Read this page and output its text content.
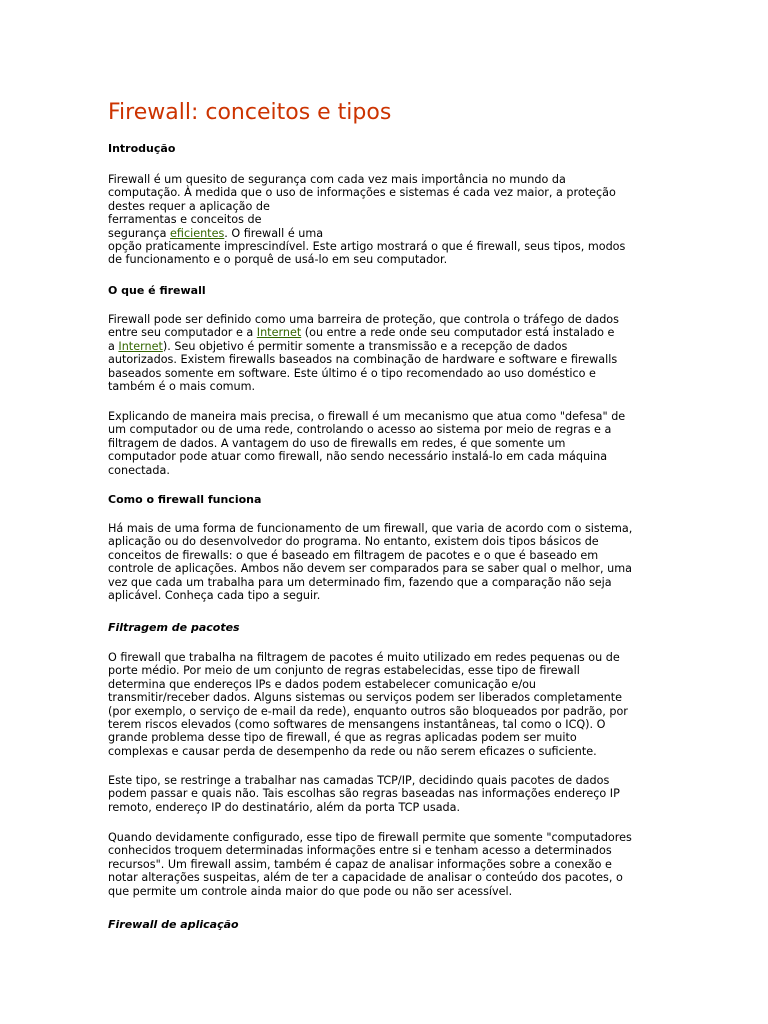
Firewall: conceitos e tipos
Introdução
Firewall é um quesito de segurança com cada vez mais importância no mundo da
computação. À medida que o uso de informações e sistemas é cada vez maior, a proteção
destes requer a aplicação de
ferramentas e conceitos de
segurança eficientes. O firewall é uma
opção praticamente imprescindível. Este artigo mostrará o que é firewall, seus tipos, modos
de funcionamento e o porquê de usá-lo em seu computador.
O que é firewall
Firewall pode ser definido como uma barreira de proteção, que controla o tráfego de dados
entre seu computador e a Internet (ou entre a rede onde seu computador está instalado e
a Internet). Seu objetivo é permitir somente a transmissão e a recepção de dados
autorizados. Existem firewalls baseados na combinação de hardware e software e firewalls
baseados somente em software. Este último é o tipo recomendado ao uso doméstico e
também é o mais comum.
Explicando de maneira mais precisa, o firewall é um mecanismo que atua como "defesa" de
um computador ou de uma rede, controlando o acesso ao sistema por meio de regras e a
filtragem de dados. A vantagem do uso de firewalls em redes, é que somente um
computador pode atuar como firewall, não sendo necessário instalá-lo em cada máquina
conectada.
Como o firewall funciona
Há mais de uma forma de funcionamento de um firewall, que varia de acordo com o sistema,
aplicação ou do desenvolvedor do programa. No entanto, existem dois tipos básicos de
conceitos de firewalls: o que é baseado em filtragem de pacotes e o que é baseado em
controle de aplicações. Ambos não devem ser comparados para se saber qual o melhor, uma
vez que cada um trabalha para um determinado fim, fazendo que a comparação não seja
aplicável. Conheça cada tipo a seguir.
Filtragem de pacotes
O firewall que trabalha na filtragem de pacotes é muito utilizado em redes pequenas ou de
porte médio. Por meio de um conjunto de regras estabelecidas, esse tipo de firewall
determina que endereços IPs e dados podem estabelecer comunicação e/ou
transmitir/receber dados. Alguns sistemas ou serviços podem ser liberados completamente
(por exemplo, o serviço de e-mail da rede), enquanto outros são bloqueados por padrão, por
terem riscos elevados (como softwares de mensangens instantâneas, tal como o ICQ). O
grande problema desse tipo de firewall, é que as regras aplicadas podem ser muito
complexas e causar perda de desempenho da rede ou não serem eficazes o suficiente.
Este tipo, se restringe a trabalhar nas camadas TCP/IP, decidindo quais pacotes de dados
podem passar e quais não. Tais escolhas são regras baseadas nas informações endereço IP
remoto, endereço IP do destinatário, além da porta TCP usada.
Quando devidamente configurado, esse tipo de firewall permite que somente "computadores
conhecidos troquem determinadas informações entre si e tenham acesso a determinados
recursos". Um firewall assim, também é capaz de analisar informações sobre a conexão e
notar alterações suspeitas, além de ter a capacidade de analisar o conteúdo dos pacotes, o
que permite um controle ainda maior do que pode ou não ser acessível.
Firewall de aplicação
